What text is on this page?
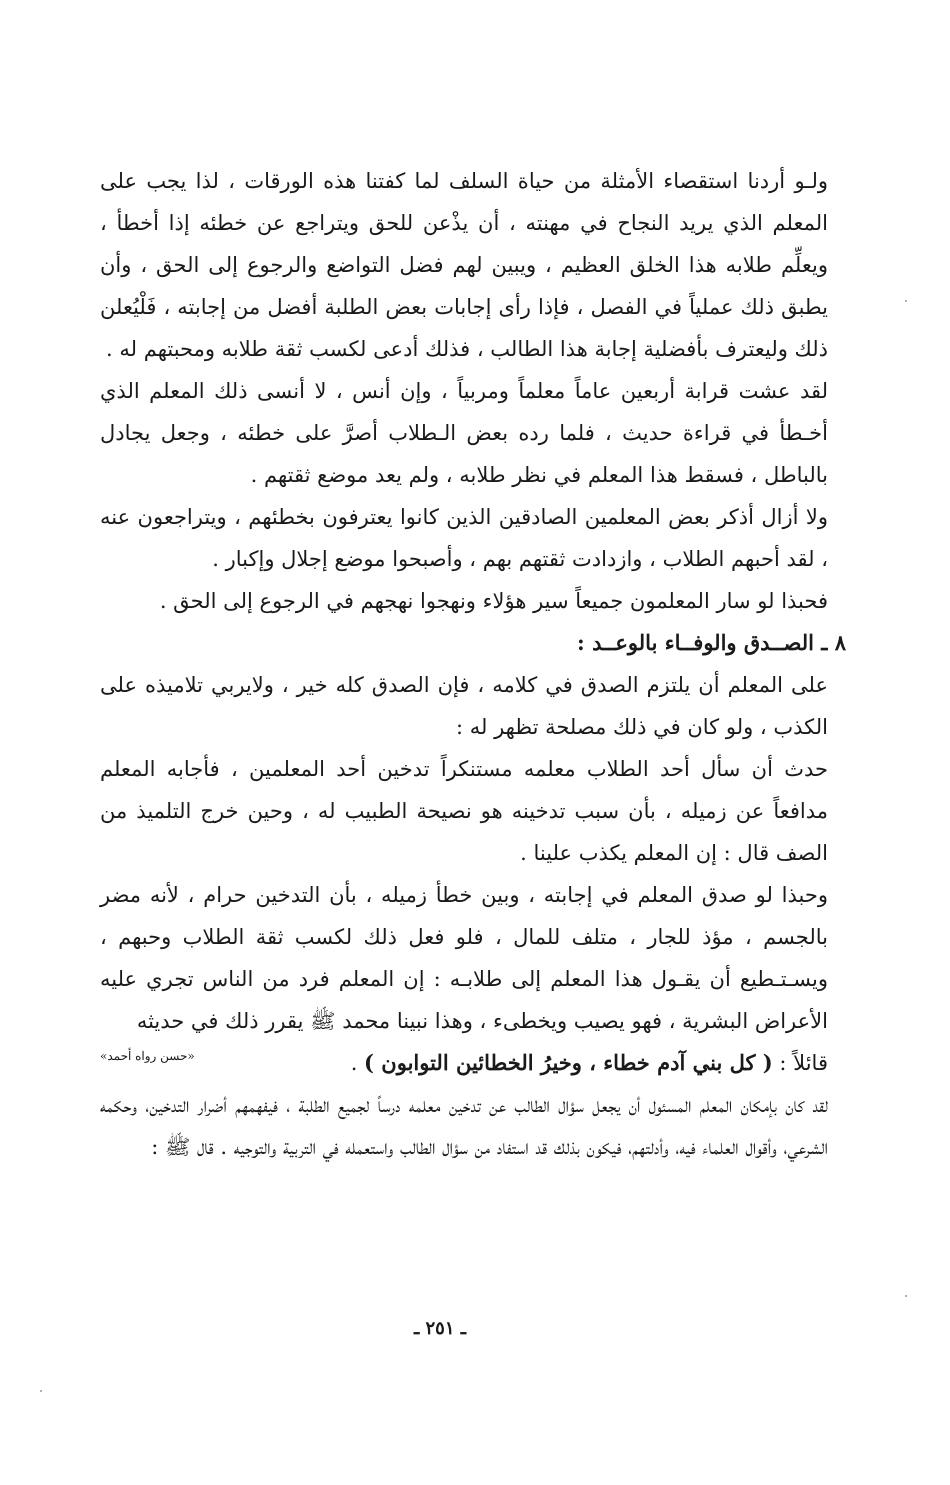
ولـو أردنا استقصاء الأمثلة من حياة السلف لما كفتنا هذه الورقات ، لذا يجب على المعلم الذي يريد النجاح في مهنته ، أن يذْعن للحق ويتراجع عن خطئه إذا أخطأ ، ويعلِّم طلابه هذا الخلق العظيم ، ويبين لهم فضل التواضع والرجوع إلى الحق ، وأن يطبق ذلك عملياً في الفصل ، فإذا رأى إجابات بعض الطلبة أفضل من إجابته ، فَلْيُعلن ذلك وليعترف بأفضلية إجابة هذا الطالب ، فذلك أدعى لكسب ثقة طلابه ومحبتهم له .

لقد عشت قرابة أربعين عاماً معلماً ومربياً ، وإن أنس ، لا أنسى ذلك المعلم الذي أخـطأ في قراءة حديث ، فلما رده بعض الـطلاب أصرَّ على خطئه ، وجعل يجادل بالباطل ، فسقط هذا المعلم في نظر طلابه ، ولم يعد موضع ثقتهم .

ولا أزال أذكر بعض المعلمين الصادقين الذين كانوا يعترفون بخطئهم ، ويتراجعون عنه ، لقد أحبهم الطلاب ، وازدادت ثقتهم بهم ، وأصبحوا موضع إجلال وإكبار .

فحبذا لو سار المعلمون جميعاً سير هؤلاء ونهجوا نهجهم في الرجوع إلى الحق .

٨ ـ الصــدق والوفــاء بالوعــد :

على المعلم أن يلتزم الصدق في كلامه ، فإن الصدق كله خير ، ولايربي تلاميذه على الكذب ، ولو كان في ذلك مصلحة تظهر له :

حدث أن سأل أحد الطلاب معلمه مستنكراً تدخين أحد المعلمين ، فأجابه المعلم مدافعاً عن زميله ، بأن سبب تدخينه هو نصيحة الطبيب له ، وحين خرج التلميذ من الصف قال : إن المعلم يكذب علينا .

وحبذا لو صدق المعلم في إجابته ، وبين خطأ زميله ، بأن التدخين حرام ، لأنه مضر بالجسم ، مؤذ للجار ، متلف للمال ، فلو فعل ذلك لكسب ثقة الطلاب وحبهم ، ويسـتـطيع أن يقـول هذا المعلم إلى طلابـه : إن المعلم فرد من الناس تجري عليه الأعراض البشرية ، فهو يصيب ويخطىء ، وهذا نبينا محمد ﷺ يقرر ذلك في حديثه

قائلاً : ( كل بني آدم خطاء ، وخيرُ الخطائين التوابون ) .
«حسن رواه أحمد»

لقد كان بإمكان المعلم المسئول أن يجعل سؤال الطالب عن تدخين معلمه درساً لجميع الطلبة ، فيفهمهم أضرار التدخين، وحكمه الشرعي، وأقوال العلماء فيه، وأدلتهم، فيكون بذلك قد استفاد من سؤال الطالب واستعمله في التربية والتوجيه . قال ﷺ :

ـ ٢٥١ ـ
